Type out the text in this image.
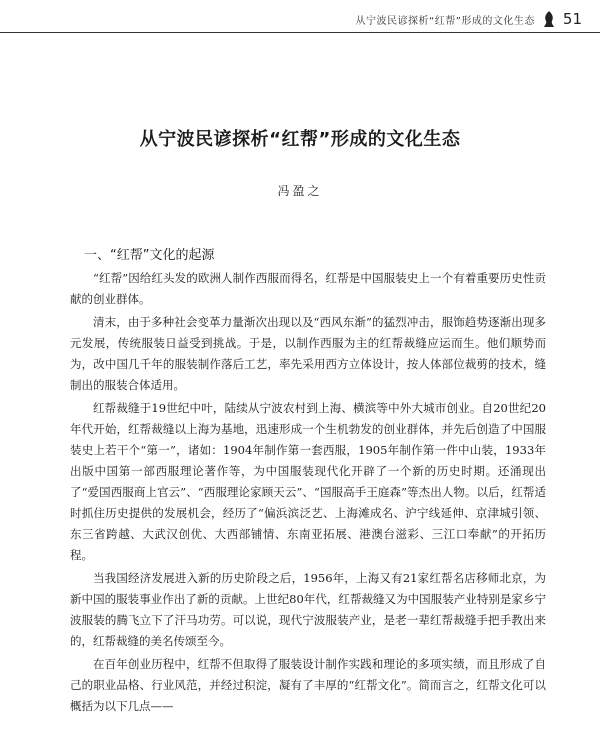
从宁波民谚探析“红帮”形成的文化生态 51
从宁波民谚探析“红帮”形成的文化生态
冯盈之
一、“红帮”文化的起源

“红帮”因给红头发的欧洲人制作西服而得名，红帮是中国服装史上一个有着重要历史性贡献的创业群体。

清末，由于多种社会变革力量渐次出现以及“西风东渐”的猛烈冲击，服饰趋势逐渐出现多元发展，传统服装日益受到挑战。于是，以制作西服为主的红帮裁缝应运而生。他们顺势而为，改中国几千年的服装制作落后工艺，率先采用西方立体设计，按人体部位裁剪的技术，缝制出的服装合体适用。

红帮裁缝于19世纪中叶，陆续从宁波农村到上海、横滨等中外大城市创业。自20世纪20年代开始，红帮裁缝以上海为基地，迅速形成一个生机勃发的创业群体，并先后创造了中国服装史上若干个“第一”，诸如：1904年制作第一套西服，1905年制作第一件中山装，1933年出版中国第一部西服理论著作等，为中国服装现代化开辟了一个新的历史时期。还涌现出了“爱国西服商上官云”、“西服理论家顾天云”、“国服高手王庭森”等杰出人物。以后，红帮适时抓住历史提供的发展机会，经历了“偏浜滨泛艺、上海滩成名、沪宁线延伸、京津城引领、东三省跨越、大武汉创优、大西部铺情、东南亚拓展、港澳台滋彩、三江口奉献”的开拓历程。

当我国经济发展进入新的历史阶段之后，1956年，上海又有21家红帮名店移师北京，为新中国的服装事业作出了新的贡献。上世纪80年代，红帮裁缝又为中国服装产业特别是家乡宁波服装的腾飞立下了汗马功劳。可以说，现代宁波服装产业，是老一辈红帮裁缝手把手教出来的，红帮裁缝的美名传颂至今。

在百年创业历程中，红帮不但取得了服装设计制作实践和理论的多项实绩，而且形成了自己的职业品格、行业风范，并经过积淀，凝有了丰厚的“红帮文化”。简而言之，红帮文化可以概括为以下几点——
